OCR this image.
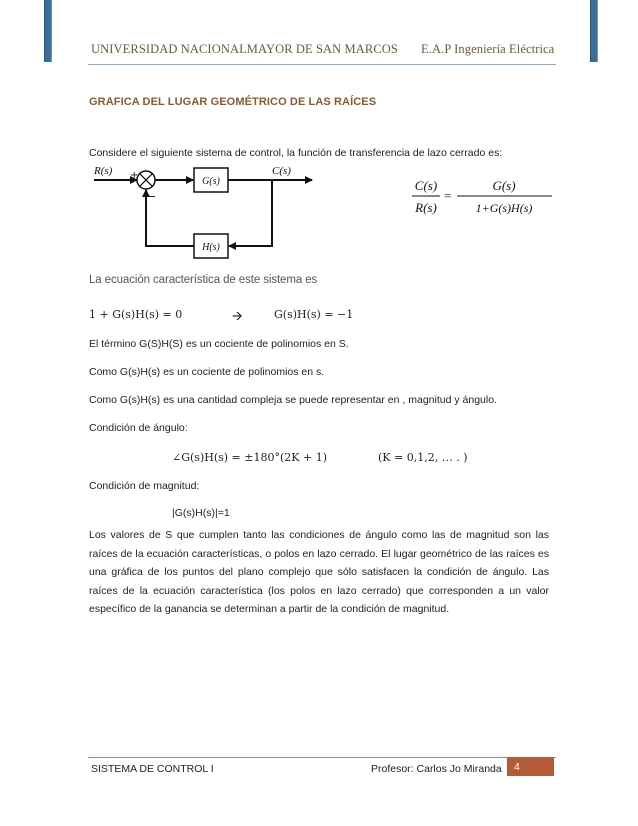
UNIVERSIDAD NACIONALMAYOR DE SAN MARCOS E.A.P Ingeniería Eléctrica
GRAFICA DEL LUGAR GEOMÉTRICO DE LAS RAÍCES
Considere el siguiente sistema de control, la función de transferencia de lazo cerrado es:
R(s) +
−
G(s)
C(s)
H(s)
C(s)
R(s)
=
G(s)
1+G(s)H(s)
La ecuación característica de este sistema es
1 + G(s)H(s) = 0	🡪	G(s)H(s) = −1
El término G(S)H(S) es un cociente de polinomios en S.
Como G(s)H(s) es un cociente de polinomios en s.
Como G(s)H(s) es una cantidad compleja se puede representar en , magnitud y ángulo.
Condición de ángulo:
∠G(s)H(s) = ±180°(2K + 1)	(K = 0,1,2, … . )
Condición de magnitud:
|G(s)H(s)|=1
Los valores de S que cumplen tanto las condiciones de ángulo como las de magnitud son las raíces de la ecuación características, o polos en lazo cerrado. El lugar geométrico de las raíces es una gráfica de los puntos del plano complejo que sólo satisfacen la condición de ángulo. Las raíces de la ecuación característica (los polos en lazo cerrado) que corresponden a un valor específico de la ganancia se determinan a partir de la condición de magnitud.
SISTEMA DE CONTROL I	Profesor: Carlos Jo Miranda	4
